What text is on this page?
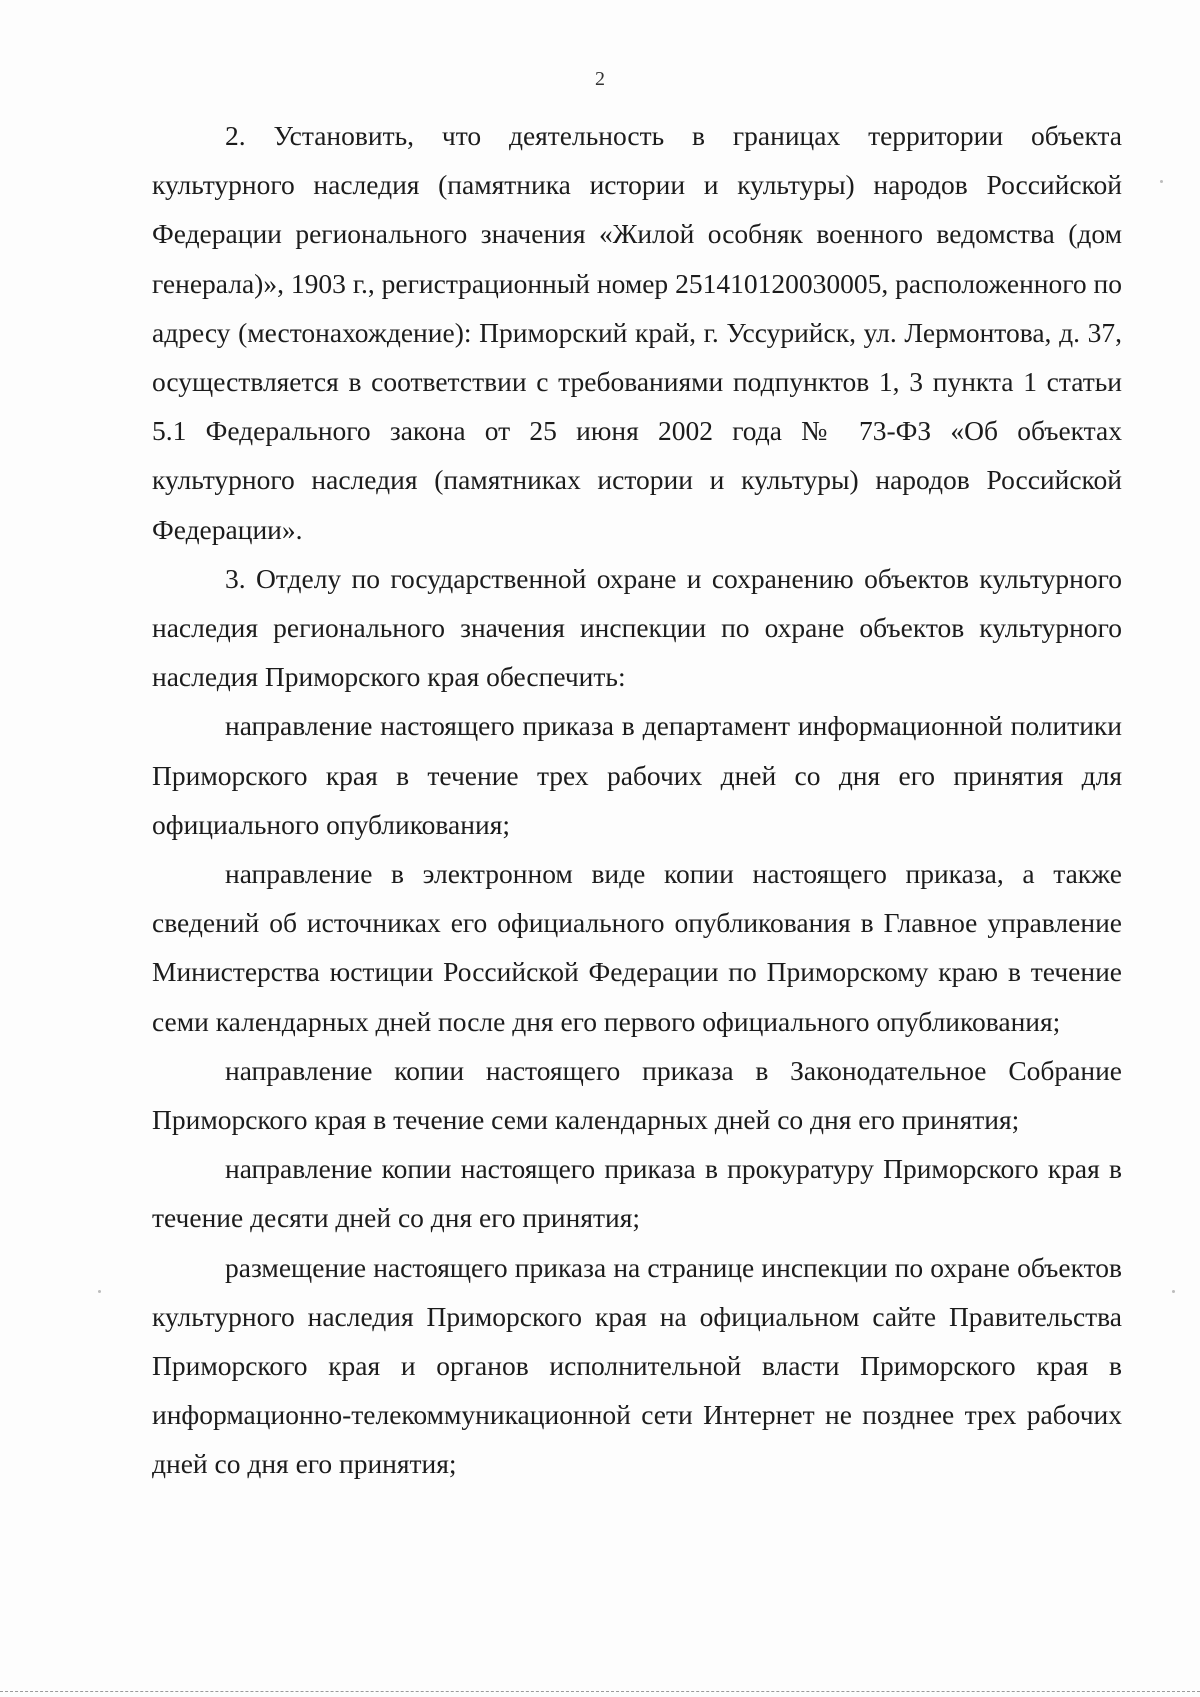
2

2. Установить, что деятельность в границах территории объекта культурного наследия (памятника истории и культуры) народов Российской Федерации регионального значения «Жилой особняк военного ведомства (дом генерала)», 1903 г., регистрационный номер 251410120030005, расположенного по адресу (местонахождение): Приморский край, г. Уссурийск, ул. Лермонтова, д. 37, осуществляется в соответствии с требованиями подпунктов 1, 3 пункта 1 статьи 5.1 Федерального закона от 25 июня 2002 года № 73-ФЗ «Об объектах культурного наследия (памятниках истории и культуры) народов Российской Федерации».

3. Отделу по государственной охране и сохранению объектов культурного наследия регионального значения инспекции по охране объектов культурного наследия Приморского края обеспечить:

направление настоящего приказа в департамент информационной политики Приморского края в течение трех рабочих дней со дня его принятия для официального опубликования;

направление в электронном виде копии настоящего приказа, а также сведений об источниках его официального опубликования в Главное управление Министерства юстиции Российской Федерации по Приморскому краю в течение семи календарных дней после дня его первого официального опубликования;

направление копии настоящего приказа в Законодательное Собрание Приморского края в течение семи календарных дней со дня его принятия;

направление копии настоящего приказа в прокуратуру Приморского края в течение десяти дней со дня его принятия;

размещение настоящего приказа на странице инспекции по охране объектов культурного наследия Приморского края на официальном сайте Правительства Приморского края и органов исполнительной власти Приморского края в информационно-телекоммуникационной сети Интернет не позднее трех рабочих дней со дня его принятия;
